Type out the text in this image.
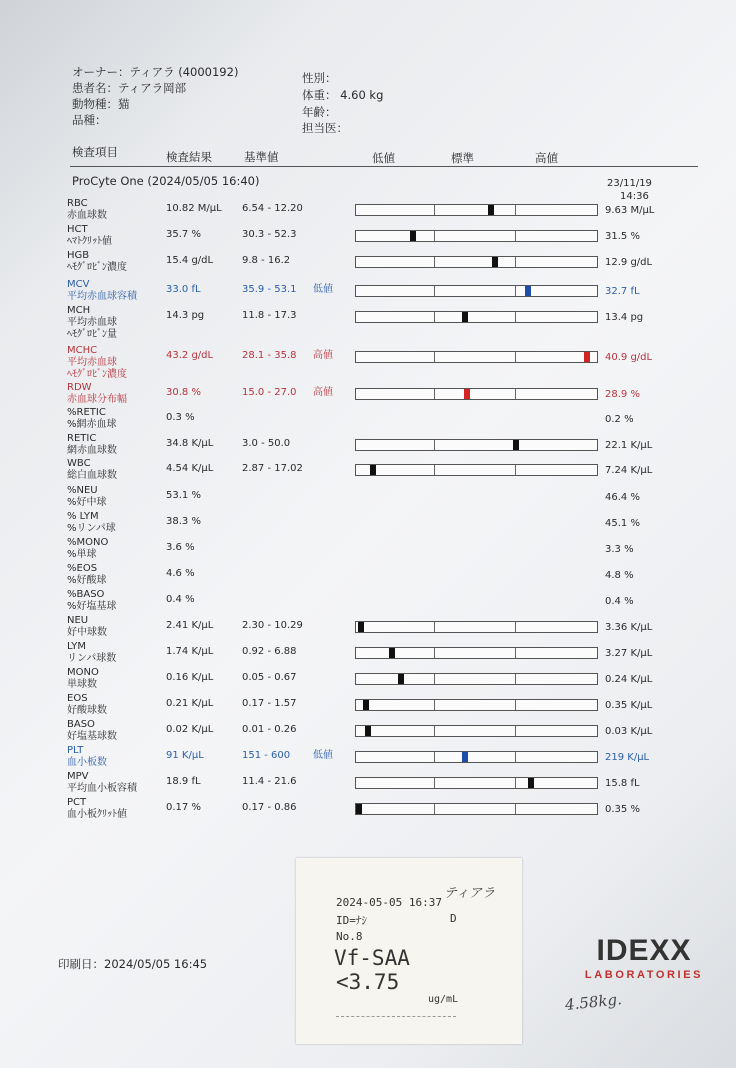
オーナー：ティアラ (4000192)
患者名：ティアラ岡部
動物種：猫
品種：
性別：
体重： 4.60 kg
年齢：
担当医：
検査項目	検査結果	基準値	低値	標準	高値
ProCyte One (2024/05/05 16:40)	23/11/19
14:36
RBC
赤血球数
10.82 M/µL 6.54 - 12.20	9.63 M/µL
HCT
ﾍﾏﾄｸﾘｯﾄ値
35.7 %	30.3 - 52.3	31.5 %
HGB
ﾍﾓｸﾞﾛﾋﾞﾝ濃度
15.4 g/dL	9.8 - 16.2	12.9 g/dL
MCV
平均赤血球容積
33.0 fL	35.9 - 53.1 低値	32.7 fL
MCH
平均赤血球
ﾍﾓｸﾞﾛﾋﾞﾝ量
14.3 pg	11.8 - 17.3	13.4 pg
MCHC
平均赤血球
ﾍﾓｸﾞﾛﾋﾞﾝ濃度
43.2 g/dL	28.1 - 35.8 高値	40.9 g/dL
RDW
赤血球分布幅
30.8 %	15.0 - 27.0 高値	28.9 %
%RETIC
%網赤血球
0.3 %	0.2 %
RETIC
網赤血球数
34.8 K/µL	3.0 - 50.0	22.1 K/µL
WBC
総白血球数
4.54 K/µL	2.87 - 17.02	7.24 K/µL
%NEU
%好中球
53.1 %	46.4 %
% LYM
%リンパ球
38.3 %	45.1 %
%MONO
%単球
3.6 %	3.3 %
%EOS
%好酸球
4.6 %	4.8 %
%BASO
%好塩基球
0.4 %	0.4 %
NEU
好中球数
2.41 K/µL	2.30 - 10.29	3.36 K/µL
LYM
リンパ球数
1.74 K/µL	0.92 - 6.88	3.27 K/µL
MONO
単球数
0.16 K/µL	0.05 - 0.67	0.24 K/µL
EOS
好酸球数
0.21 K/µL	0.17 - 1.57	0.35 K/µL
BASO
好塩基球数
0.02 K/µL	0.01 - 0.26	0.03 K/µL
PLT
血小板数
91 K/µL	151 - 600 低値	219 K/µL
MPV
平均血小板容積
18.9 fL	11.4 - 21.6	15.8 fL
PCT
血小板ｸﾘｯﾄ値
0.17 %	0.17 - 0.86	0.35 %
印刷日：2024/05/05 16:45
2024-05-05 16:37
ティアラ
ID=ﾅｼ	D
No.8
Vf-SAA
<3.75
ug/mL
IDEXX
LABORATORIES
4.58kg.
